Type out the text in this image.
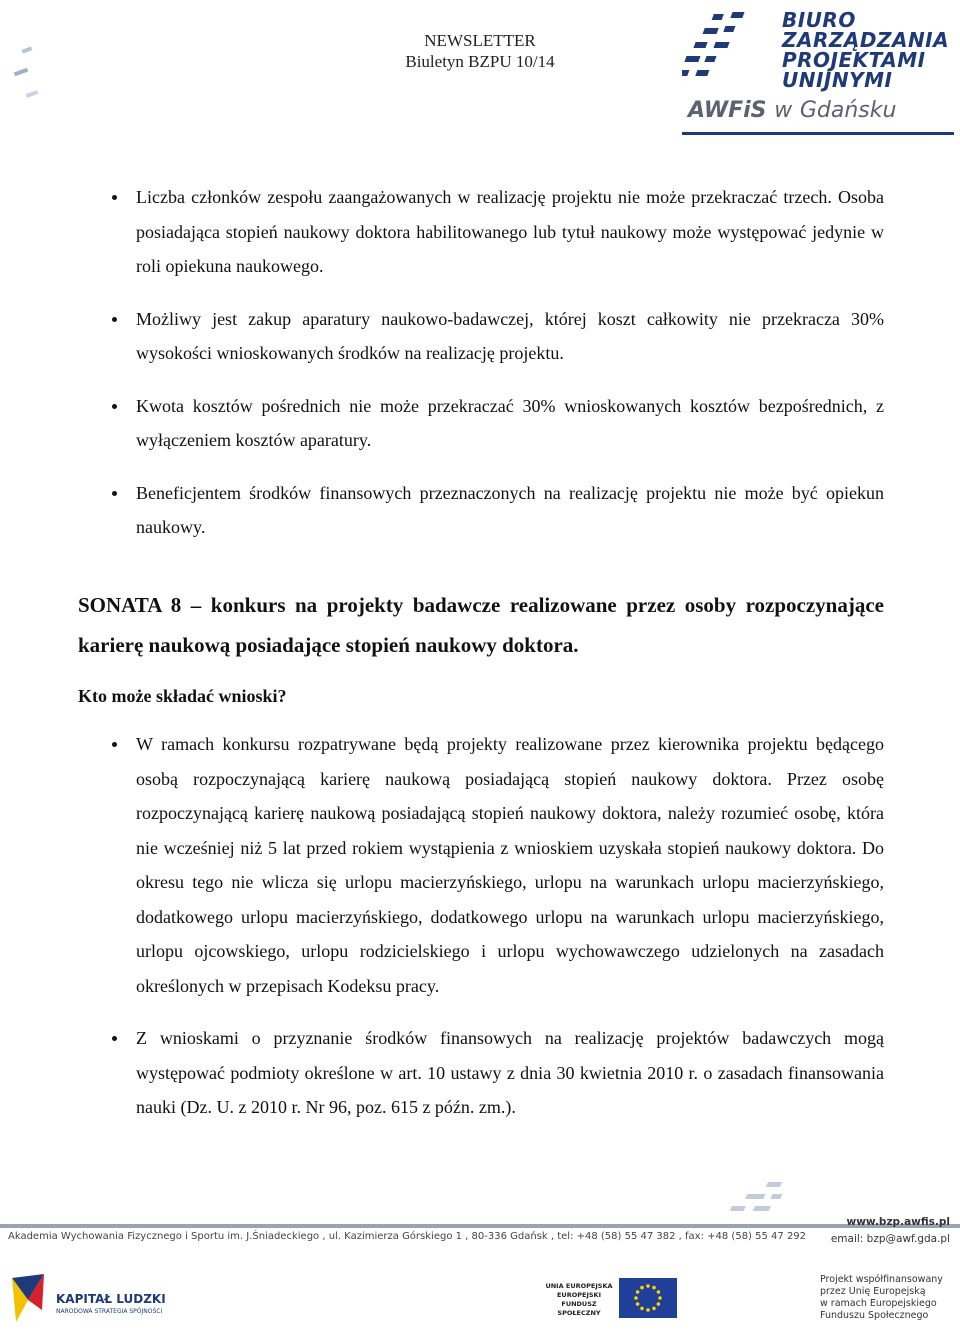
NEWSLETTER
Biuletyn BZPU 10/14
BIURO
ZARZĄDZANIA
PROJEKTAMI
UNIJNYMI
AWFiS w Gdańsku
Liczba członków zespołu zaangażowanych w realizację projektu nie może przekraczać trzech. Osoba posiadająca stopień naukowy doktora habilitowanego lub tytuł naukowy może występować jedynie w roli opiekuna naukowego.
Możliwy jest zakup aparatury naukowo-badawczej, której koszt całkowity nie przekracza 30% wysokości wnioskowanych środków na realizację projektu.
Kwota kosztów pośrednich nie może przekraczać 30% wnioskowanych kosztów bezpośrednich, z wyłączeniem kosztów aparatury.
Beneficjentem środków finansowych przeznaczonych na realizację projektu nie może być opiekun naukowy.
SONATA 8 – konkurs na projekty badawcze realizowane przez osoby rozpoczynające karierę naukową posiadające stopień naukowy doktora.
Kto może składać wnioski?
W ramach konkursu rozpatrywane będą projekty realizowane przez kierownika projektu będącego osobą rozpoczynającą karierę naukową posiadającą stopień naukowy doktora. Przez osobę rozpoczynającą karierę naukową posiadającą stopień naukowy doktora, należy rozumieć osobę, która nie wcześniej niż 5 lat przed rokiem wystąpienia z wnioskiem uzyskała stopień naukowy doktora. Do okresu tego nie wlicza się urlopu macierzyńskiego, urlopu na warunkach urlopu macierzyńskiego, dodatkowego urlopu macierzyńskiego, dodatkowego urlopu na warunkach urlopu macierzyńskiego, urlopu ojcowskiego, urlopu rodzicielskiego i urlopu wychowawczego udzielonych na zasadach określonych w przepisach Kodeksu pracy.
Z wnioskami o przyznanie środków finansowych na realizację projektów badawczych mogą występować podmioty określone w art. 10 ustawy z dnia 30 kwietnia 2010 r. o zasadach finansowania nauki (Dz. U. z 2010 r. Nr 96, poz. 615 z późn. zm.).
www.bzp.awfis.pl
email: bzp@awf.gda.pl
Akademia Wychowania Fizycznego i Sportu im. J.Śniadeckiego , ul. Kazimierza Górskiego 1 , 80-336 Gdańsk , tel: +48 (58) 55 47 382 , fax: +48 (58) 55 47 292
KAPITAŁ LUDZKI
NARODOWA STRATEGIA SPÓJNOŚCI
UNIA EUROPEJSKA
EUROPEJSKI
FUNDUSZ SPOŁECZNY
Projekt współfinansowany
przez Unię Europejską
w ramach Europejskiego
Funduszu Społecznego
